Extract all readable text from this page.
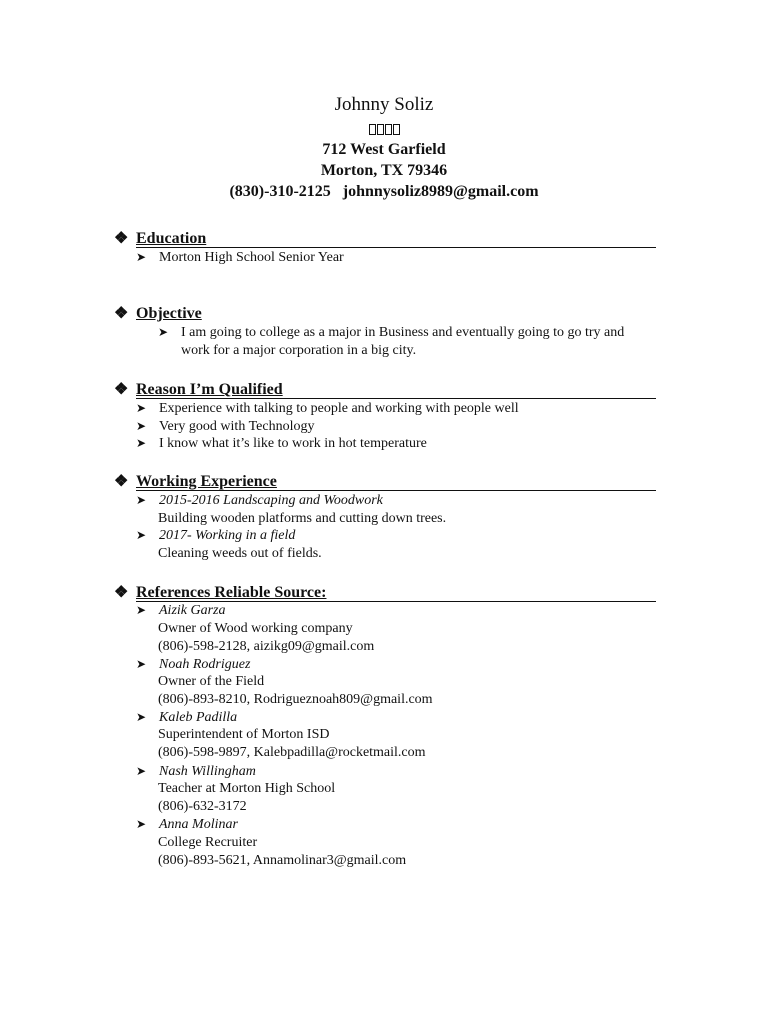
Johnny Soliz
712 West Garfield
Morton, TX 79346
(830)-310-2125 johnnysoliz8989@gmail.com
❖ Education
➤ Morton High School Senior Year
❖ Objective
➤ I am going to college as a major in Business and eventually going to go try and work for a major corporation in a big city.
❖ Reason I’m Qualified
➤ Experience with talking to people and working with people well
➤ Very good with Technology
➤ I know what it’s like to work in hot temperature
❖ Working Experience
➤ 2015-2016 Landscaping and Woodwork
Building wooden platforms and cutting down trees.
➤ 2017- Working in a field
Cleaning weeds out of fields.
❖ References Reliable Source:
➤ Aizik Garza
Owner of Wood working company
(806)-598-2128, aizikg09@gmail.com
➤ Noah Rodriguez
Owner of the Field
(806)-893-8210, Rodrigueznoah809@gmail.com
➤ Kaleb Padilla
Superintendent of Morton ISD
(806)-598-9897, Kalebpadilla@rocketmail.com
➤ Nash Willingham
Teacher at Morton High School
(806)-632-3172
➤ Anna Molinar
College Recruiter
(806)-893-5621, Annamolinar3@gmail.com
